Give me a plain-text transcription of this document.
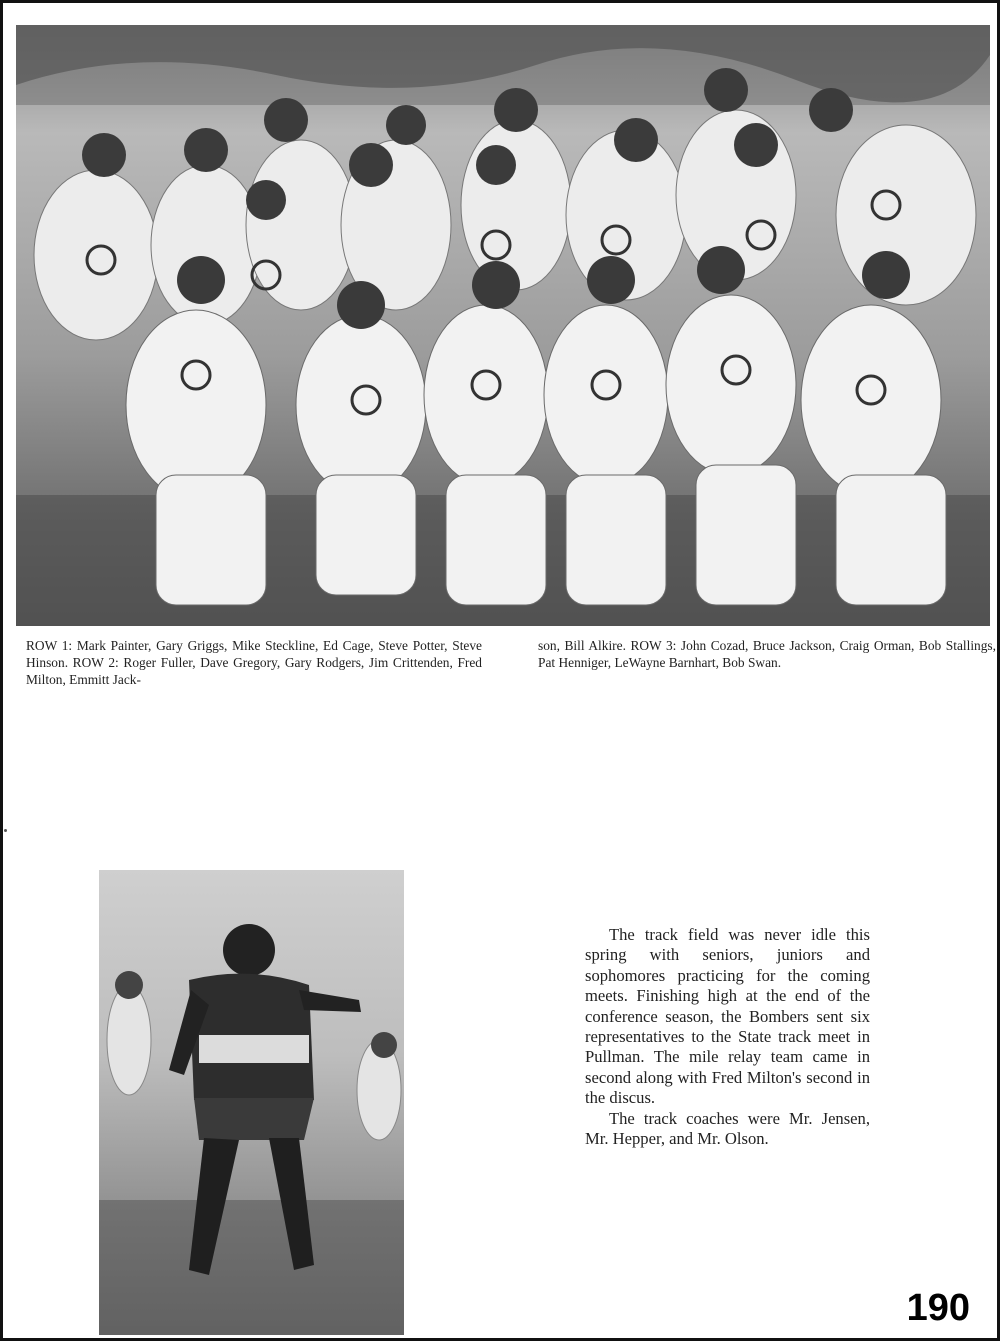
ROW 1: Mark Painter, Gary Griggs, Mike Steckline, Ed Cage, Steve Potter, Steve Hinson. ROW 2: Roger Fuller, Dave Gregory, Gary Rodgers, Jim Crittenden, Fred Milton, Emmitt Jack-
son, Bill Alkire. ROW 3: John Cozad, Bruce Jackson, Craig Orman, Bob Stallings, Pat Henniger, LeWayne Barnhart, Bob Swan.

The track field was never idle this spring with seniors, juniors and sophomores practicing for the coming meets. Finishing high at the end of the conference season, the Bombers sent six representatives to the State track meet in Pullman. The mile relay team came in second along with Fred Milton's second in the discus.

The track coaches were Mr. Jensen, Mr. Hepper, and Mr. Olson.

190
